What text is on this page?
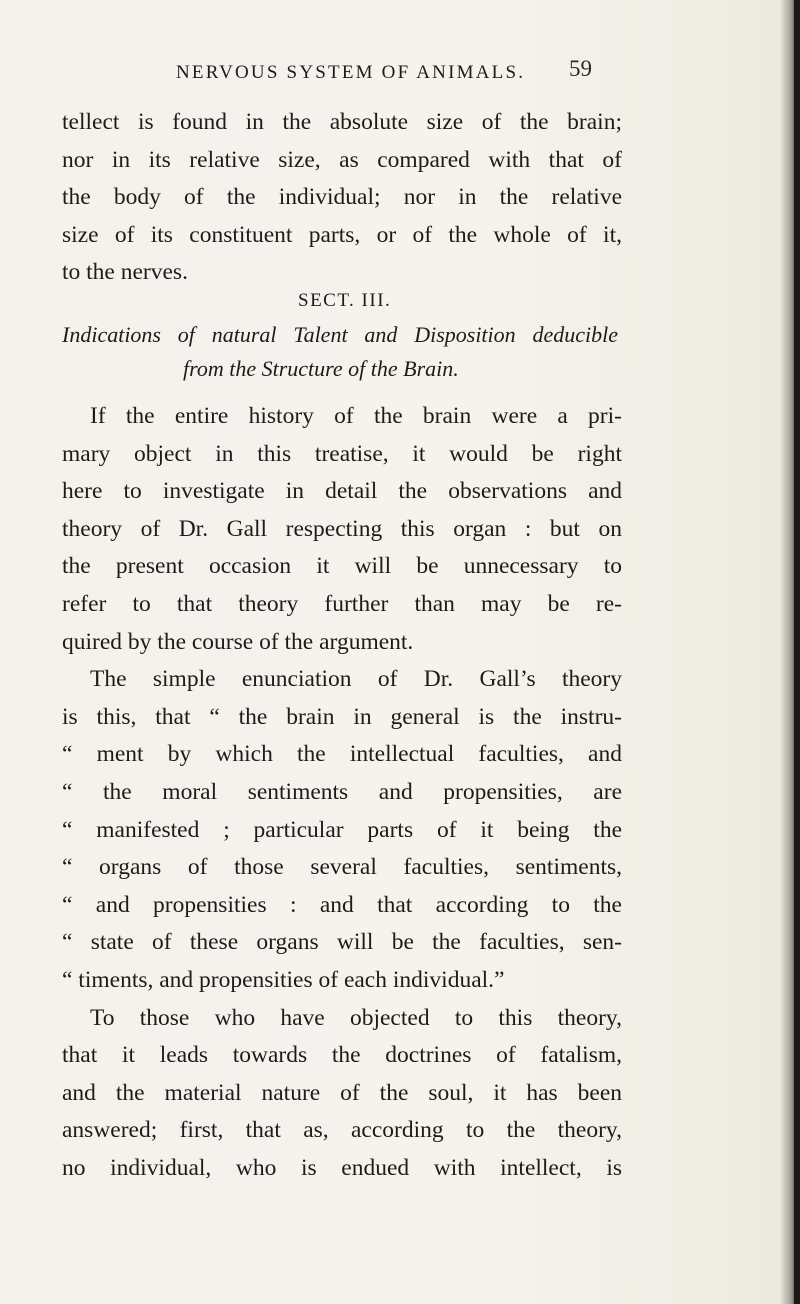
NERVOUS SYSTEM OF ANIMALS. 59
tellect is found in the absolute size of the brain;
nor in its relative size, as compared with that of
the body of the individual; nor in the relative
size of its constituent parts, or of the whole of it,
to the nerves.
SECT. III.
Indications of natural Talent and Disposition deducible
from the Structure of the Brain.
If the entire history of the brain were a pri-
mary object in this treatise, it would be right
here to investigate in detail the observations and
theory of Dr. Gall respecting this organ : but on
the present occasion it will be unnecessary to
refer to that theory further than may be re-
quired by the course of the argument.
The simple enunciation of Dr. Gall’s theory
is this, that “ the brain in general is the instru-
“ ment by which the intellectual faculties, and
“ the moral sentiments and propensities, are
“ manifested ; particular parts of it being the
“ organs of those several faculties, sentiments,
“ and propensities : and that according to the
“ state of these organs will be the faculties, sen-
“ timents, and propensities of each individual.”
To those who have objected to this theory,
that it leads towards the doctrines of fatalism,
and the material nature of the soul, it has been
answered; first, that as, according to the theory,
no individual, who is endued with intellect, is
